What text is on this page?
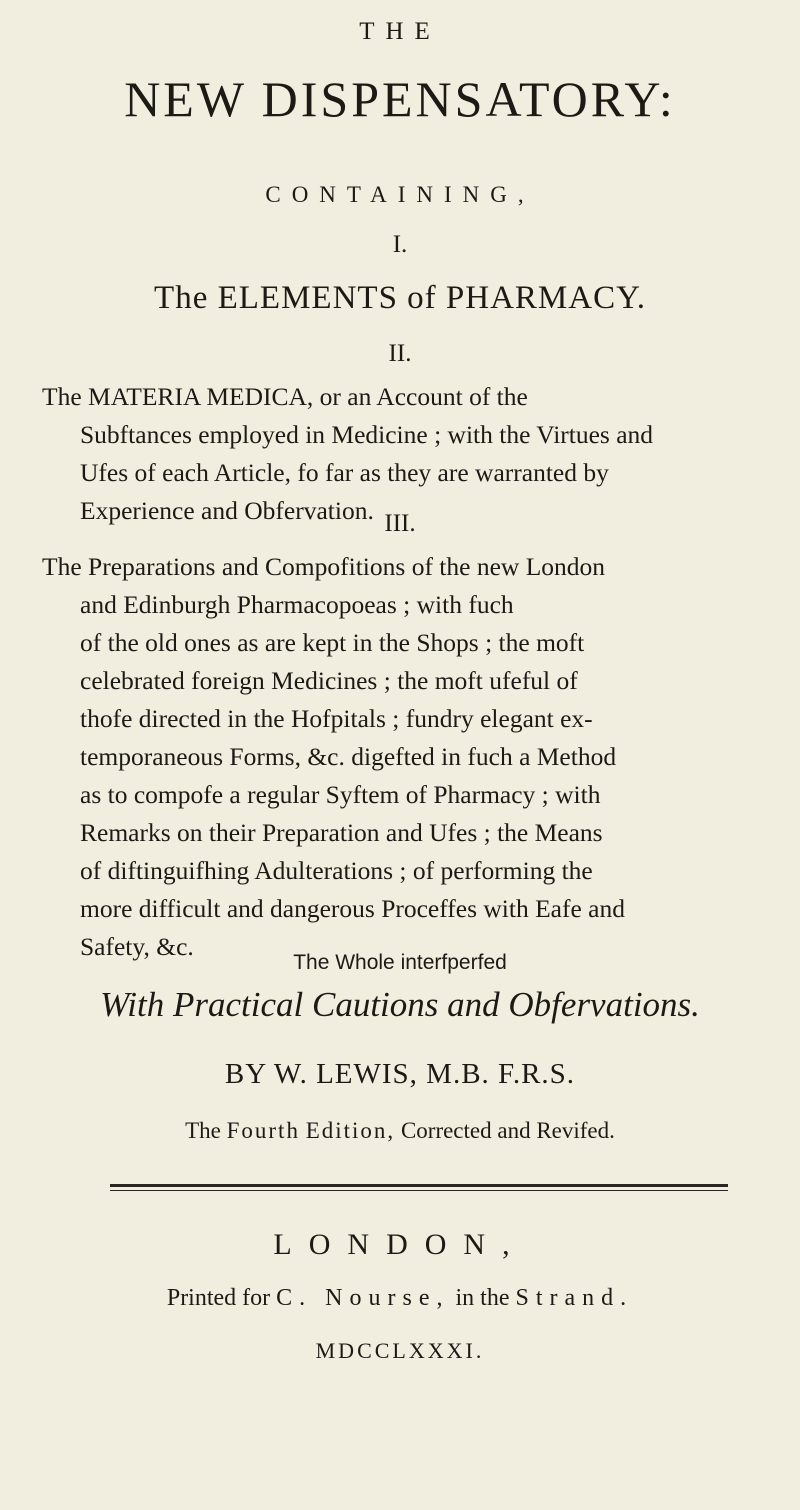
THE
NEW DISPENSATORY:
CONTAINING,
I.
The ELEMENTS of PHARMACY.
II.
The MATERIA MEDICA, or an Account of the
Subftances employed in Medicine ; with the Virtues and
Ufes of each Article, fo far as they are warranted by
Experience and Obfervation. III.
The Preparations and Compofitions of the new London
and Edinburgh Pharmacopoeas ; with fuch
of the old ones as are kept in the Shops ; the moft
celebrated foreign Medicines ; the moft ufeful of
thofe directed in the Hofpitals ; fundry elegant ex-
temporaneous Forms, &c. digefted in fuch a Method
as to compofe a regular Syftem of Pharmacy ; with
Remarks on their Preparation and Ufes ; the Means
of diftinguifhing Adulterations ; of performing the
more difficult and dangerous Proceffes with Eafe and
Safety, &c.
The Whole interfperfed
With Practical Cautions and Obfervations.
BY W. LEWIS, M.B. F.R.S.
The Fourth Edition, Corrected and Revifed.
LONDON,
Printed for C. Nourse, in the Strand.
MDCCLXXXI.
